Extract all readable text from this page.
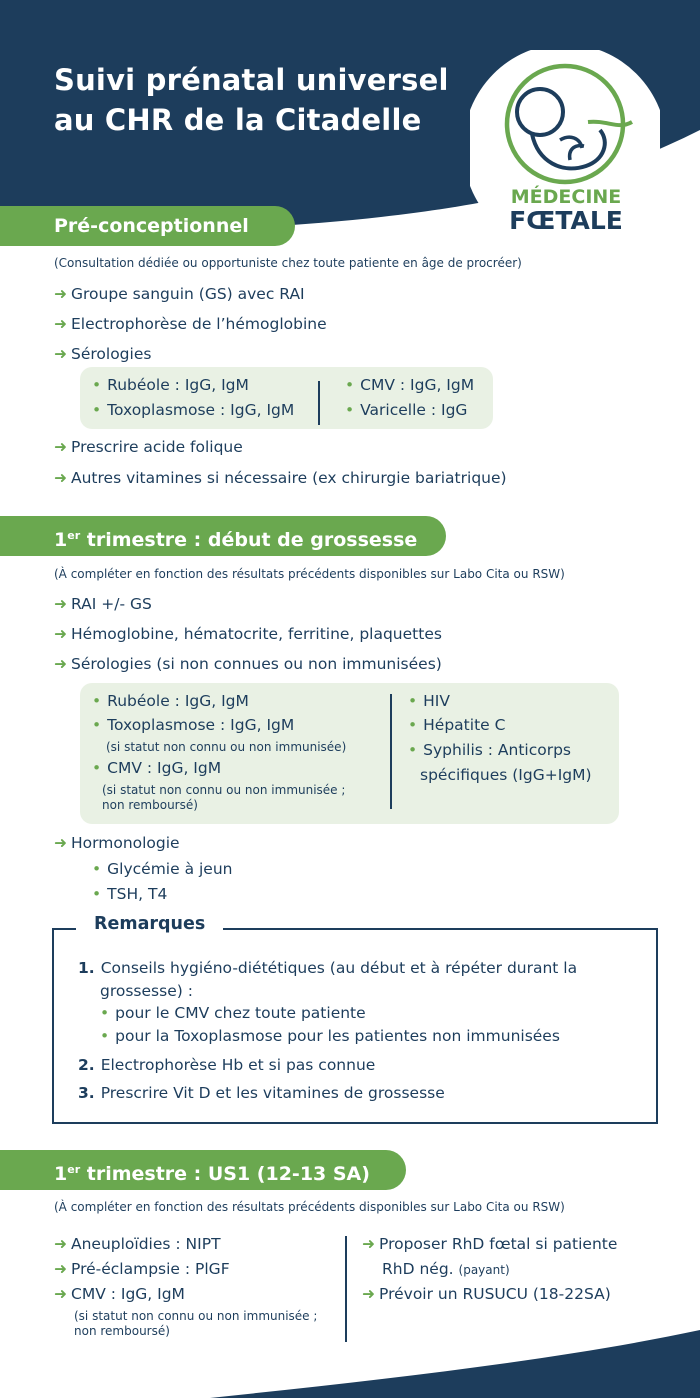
Suivi prénatal universel
au CHR de la Citadelle
MÉDECINE
FŒTALE
Pré-conceptionnel
(Consultation dédiée ou opportuniste chez toute patiente en âge de procréer)
➜ Groupe sanguin (GS) avec RAI
➜ Electrophorèse de l’hémoglobine
➜ Sérologies
• Rubéole : IgG, IgM
• Toxoplasmose : IgG, IgM
• CMV : IgG, IgM
• Varicelle : IgG
➜ Prescrire acide folique
➜ Autres vitamines si nécessaire (ex chirurgie bariatrique)
1er trimestre : début de grossesse
(À compléter en fonction des résultats précédents disponibles sur Labo Cita ou RSW)
➜ RAI +/- GS
➜ Hémoglobine, hématocrite, ferritine, plaquettes
➜ Sérologies (si non connues ou non immunisées)
• Rubéole : IgG, IgM
• Toxoplasmose : IgG, IgM
(si statut non connu ou non immunisée)
• CMV : IgG, IgM
(si statut non connu ou non immunisée ;
non remboursé)
• HIV
• Hépatite C
• Syphilis : Anticorps
spécifiques (IgG+IgM)
➜ Hormonologie
• Glycémie à jeun
• TSH, T4
Remarques
1. Conseils hygiéno-diététiques (au début et à répéter durant la
grossesse) :
• pour le CMV chez toute patiente
• pour la Toxoplasmose pour les patientes non immunisées
2. Electrophorèse Hb et si pas connue
3. Prescrire Vit D et les vitamines de grossesse
1er trimestre : US1 (12-13 SA)
(À compléter en fonction des résultats précédents disponibles sur Labo Cita ou RSW)
➜ Aneuploïdies : NIPT
➜ Pré-éclampsie : PlGF
➜ CMV : IgG, IgM
(si statut non connu ou non immunisée ;
non remboursé)
➜ Proposer RhD fœtal si patiente
RhD nég. (payant)
➜ Prévoir un RUSUCU (18-22SA)
